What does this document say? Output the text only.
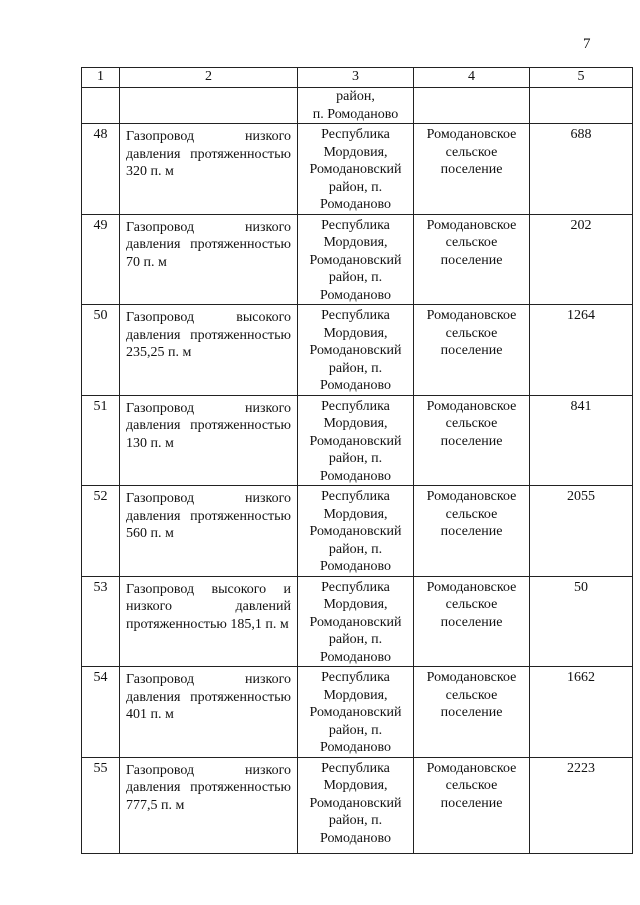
7
1	2	3	4	5
		район,
п. Ромоданово		
48	Газопровод низкого давления протяженностью 320 п. м	Республика Мордовия, Ромодановский район, п. Ромоданово	Ромодановское сельское поселение	688
49	Газопровод низкого давления протяженностью 70 п. м	Республика Мордовия, Ромодановский район, п. Ромоданово	Ромодановское сельское поселение	202
50	Газопровод высокого давления протяженностью 235,25 п. м	Республика Мордовия, Ромодановский район, п. Ромоданово	Ромодановское сельское поселение	1264
51	Газопровод низкого давления протяженностью 130 п. м	Республика Мордовия, Ромодановский район, п. Ромоданово	Ромодановское сельское поселение	841
52	Газопровод низкого давления протяженностью 560 п. м	Республика Мордовия, Ромодановский район, п. Ромоданово	Ромодановское сельское поселение	2055
53	Газопровод высокого и низкого давлений протяженностью 185,1 п. м	Республика Мордовия, Ромодановский район, п. Ромоданово	Ромодановское сельское поселение	50
54	Газопровод низкого давления протяженностью 401 п. м	Республика Мордовия, Ромодановский район, п. Ромоданово	Ромодановское сельское поселение	1662
55	Газопровод низкого давления протяженностью 777,5 п. м	Республика Мордовия, Ромодановский район, п. Ромоданово	Ромодановское сельское поселение	2223
